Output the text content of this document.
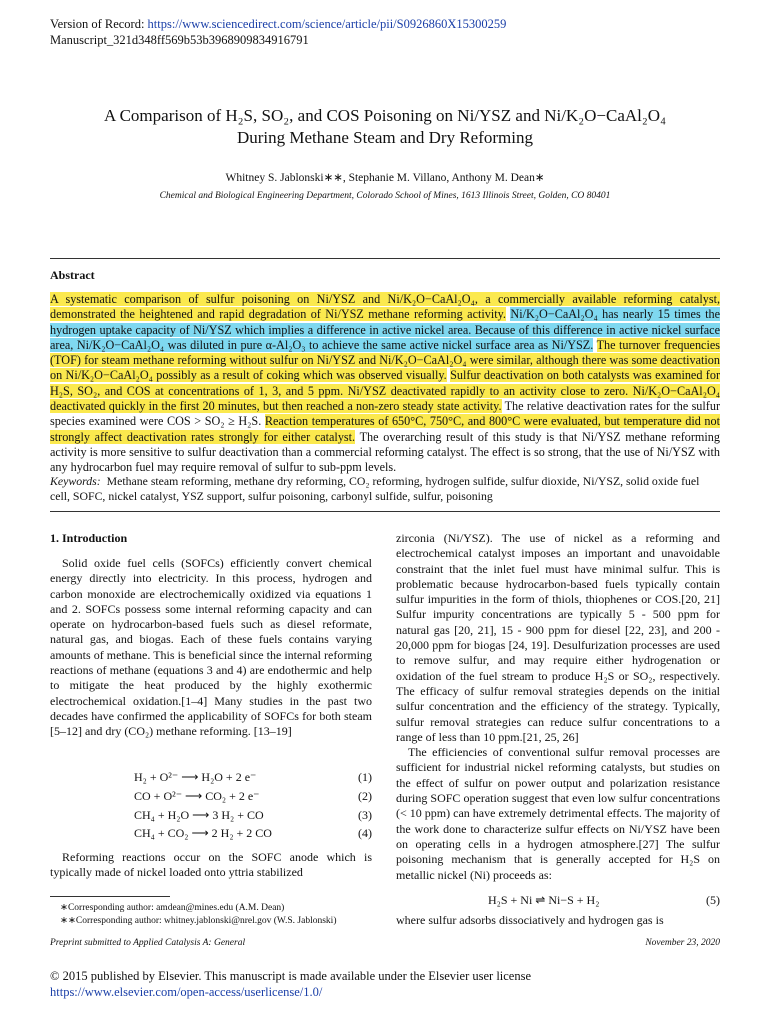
Version of Record: https://www.sciencedirect.com/science/article/pii/S0926860X15300259
Manuscript_321d348ff569b53b3968909834916791
A Comparison of H₂S, SO₂, and COS Poisoning on Ni/YSZ and Ni/K₂O−CaAl₂O₄
During Methane Steam and Dry Reforming
Whitney S. Jablonski∗∗, Stephanie M. Villano, Anthony M. Dean∗
Chemical and Biological Engineering Department, Colorado School of Mines, 1613 Illinois Street, Golden, CO 80401
Abstract
A systematic comparison of sulfur poisoning on Ni/YSZ and Ni/K₂O−CaAl₂O₄, a commercially available reforming catalyst, demonstrated the heightened and rapid degradation of Ni/YSZ methane reforming activity. Ni/K₂O−CaAl₂O₄ has nearly 15 times the hydrogen uptake capacity of Ni/YSZ which implies a difference in active nickel area. Because of this difference in active nickel surface area, Ni/K₂O−CaAl₂O₄ was diluted in pure α-Al₂O₃ to achieve the same active nickel surface area as Ni/YSZ. The turnover frequencies (TOF) for steam methane reforming without sulfur on Ni/YSZ and Ni/K₂O−CaAl₂O₄ were similar, although there was some deactivation on Ni/K₂O−CaAl₂O₄ possibly as a result of coking which was observed visually. Sulfur deactivation on both catalysts was examined for H₂S, SO₂, and COS at concentrations of 1, 3, and 5 ppm. Ni/YSZ deactivated rapidly to an activity close to zero. Ni/K₂O−CaAl₂O₄ deactivated quickly in the first 20 minutes, but then reached a non-zero steady state activity. The relative deactivation rates for the sulfur species examined were COS > SO₂ ≥ H₂S. Reaction temperatures of 650°C, 750°C, and 800°C were evaluated, but temperature did not strongly affect deactivation rates strongly for either catalyst. The overarching result of this study is that Ni/YSZ methane reforming activity is more sensitive to sulfur deactivation than a commercial reforming catalyst. The effect is so strong, that the use of Ni/YSZ with any hydrocarbon fuel may require removal of sulfur to sub-ppm levels.
Keywords: Methane steam reforming, methane dry reforming, CO₂ reforming, hydrogen sulfide, sulfur dioxide, Ni/YSZ, solid oxide fuel cell, SOFC, nickel catalyst, YSZ support, sulfur poisoning, carbonyl sulfide, sulfur, poisoning
1. Introduction

Solid oxide fuel cells (SOFCs) efficiently convert chemical energy directly into electricity. In this process, hydrogen and carbon monoxide are electrochemically oxidized via equations 1 and 2. SOFCs possess some internal reforming capacity and can operate on hydrocarbon-based fuels such as diesel reformate, natural gas, and biogas. Each of these fuels contains varying amounts of methane. This is beneficial since the internal reforming reactions of methane (equations 3 and 4) are endothermic and help to mitigate the heat produced by the highly exothermic electrochemical oxidation.[1–4] Many studies in the past two decades have confirmed the applicability of SOFCs for both steam [5–12] and dry (CO₂) methane reforming. [13–19]

H₂ + O²⁻ ⟶ H₂O + 2 e⁻	(1)
CO + O²⁻ ⟶ CO₂ + 2 e⁻	(2)
CH₄ + H₂O ⟶ 3 H₂ + CO	(3)
CH₄ + CO₂ ⟶ 2 H₂ + 2 CO	(4)

Reforming reactions occur on the SOFC anode which is typically made of nickel loaded onto yttria stabilized

zirconia (Ni/YSZ). The use of nickel as a reforming and electrochemical catalyst imposes an important and unavoidable constraint that the inlet fuel must have minimal sulfur. This is problematic because hydrocarbon-based fuels typically contain sulfur impurities in the form of thiols, thiophenes or COS.[20, 21] Sulfur impurity concentrations are typically 5 - 500 ppm for natural gas [20, 21], 15 - 900 ppm for diesel [22, 23], and 200 - 20,000 ppm for biogas [24, 19]. Desulfurization processes are used to remove sulfur, and may require either hydrogenation or oxidation of the fuel stream to produce H₂S or SO₂, respectively. The efficacy of sulfur removal strategies depends on the initial sulfur concentration and the efficiency of the strategy. Typically, sulfur removal strategies can reduce sulfur concentrations to a range of less than 10 ppm.[21, 25, 26]

The efficiencies of conventional sulfur removal processes are sufficient for industrial nickel reforming catalysts, but studies on the effect of sulfur on power output and polarization resistance during SOFC operation suggest that even low sulfur concentrations (< 10 ppm) can have extremely detrimental effects. The majority of the work done to characterize sulfur effects on Ni/YSZ have been on operating cells in a hydrogen atmosphere.[27] The sulfur poisoning mechanism that is generally accepted for H₂S on metallic nickel (Ni) proceeds as:

H₂S + Ni ⇌ Ni−S + H₂	(5)
where sulfur adsorbs dissociatively and hydrogen gas is
∗Corresponding author: amdean@mines.edu (A.M. Dean)
∗∗Corresponding author: whitney.jablonski@nrel.gov (W.S. Jablonski)
Preprint submitted to Applied Catalysis A: General	November 23, 2020
© 2015 published by Elsevier. This manuscript is made available under the Elsevier user license
https://www.elsevier.com/open-access/userlicense/1.0/
